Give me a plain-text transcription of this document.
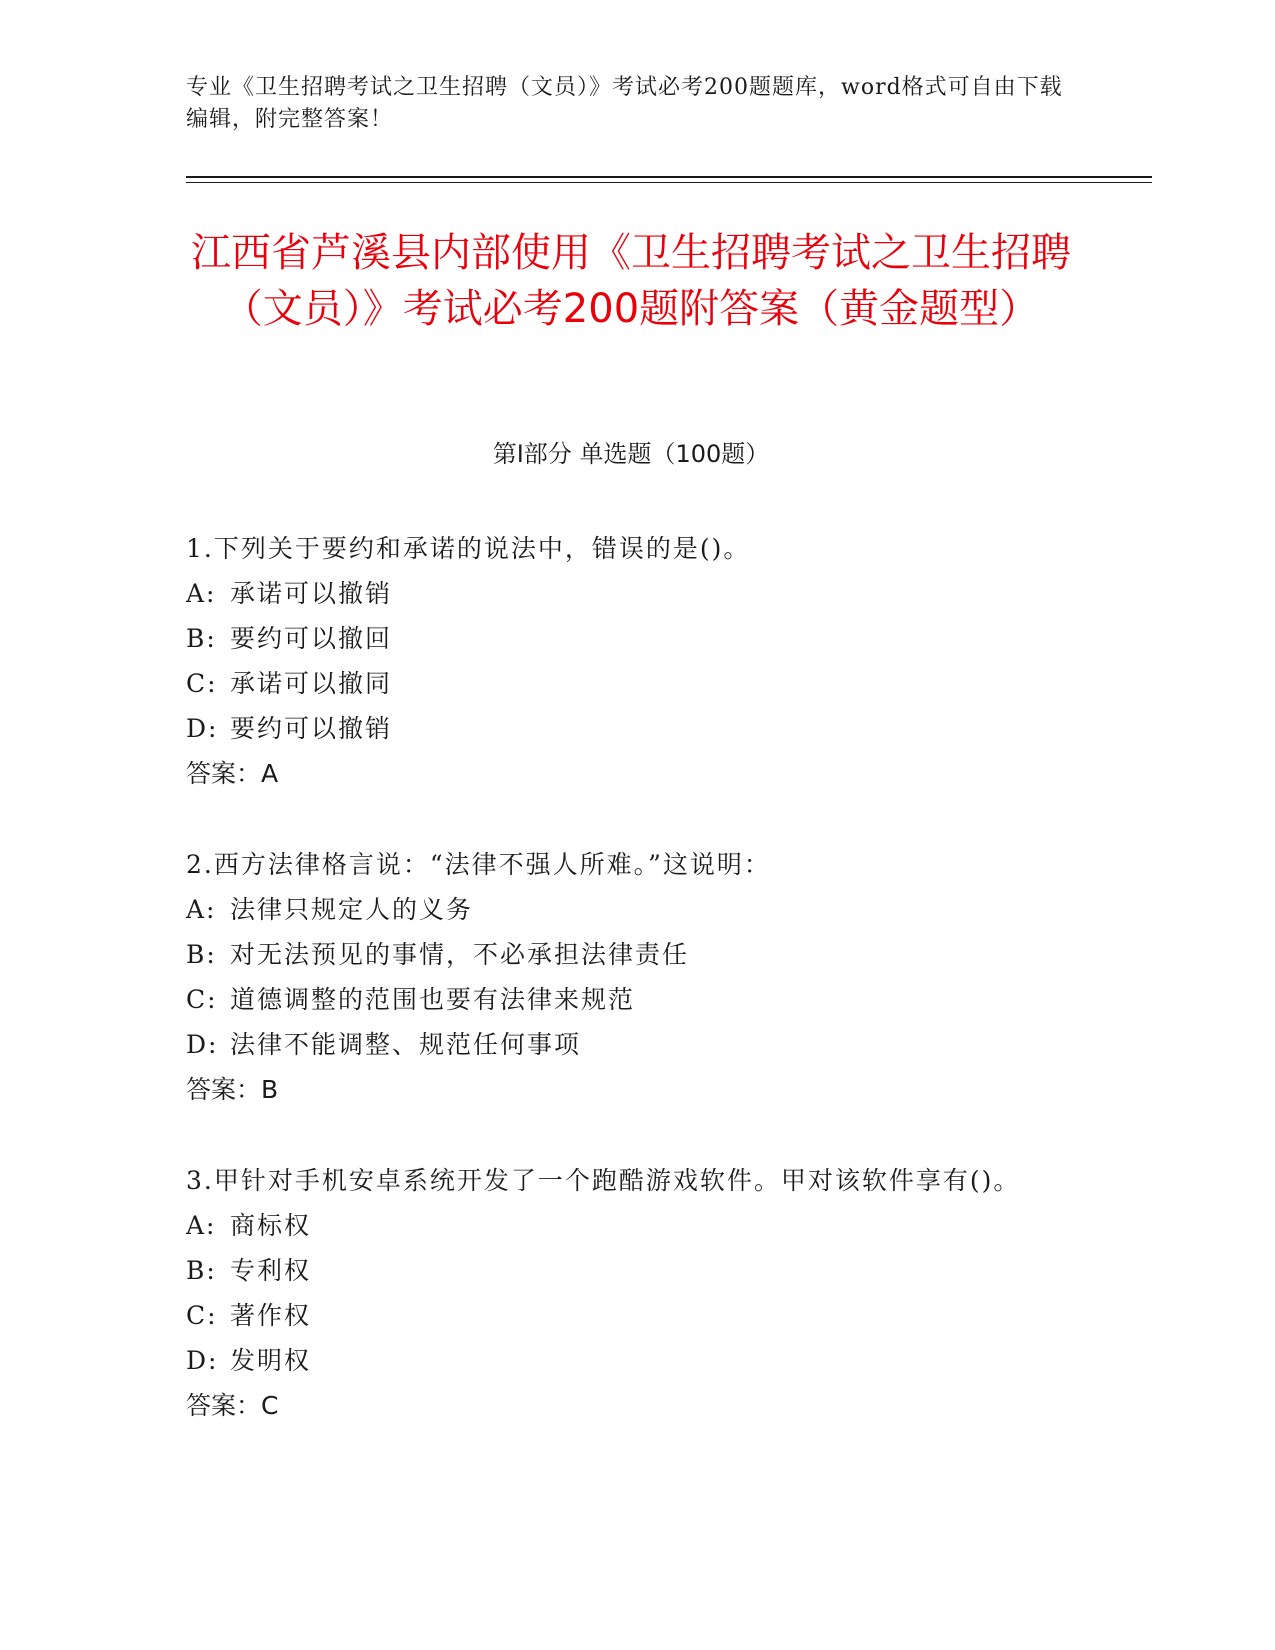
专业《卫生招聘考试之卫生招聘（文员）》考试必考200题题库，word格式可自由下载编辑，附完整答案！
江西省芦溪县内部使用《卫生招聘考试之卫生招聘（文员）》考试必考200题附答案（黄金题型）
第I部分 单选题（100题）
1.下列关于要约和承诺的说法中，错误的是()。
A: 承诺可以撤销
B: 要约可以撤回
C: 承诺可以撤同
D: 要约可以撤销
答案：A
2.西方法律格言说：“法律不强人所难。”这说明：
A: 法律只规定人的义务
B: 对无法预见的事情，不必承担法律责任
C: 道德调整的范围也要有法律来规范
D: 法律不能调整、规范任何事项
答案：B
3.甲针对手机安卓系统开发了一个跑酷游戏软件。甲对该软件享有()。
A: 商标权
B: 专利权
C: 著作权
D: 发明权
答案：C
